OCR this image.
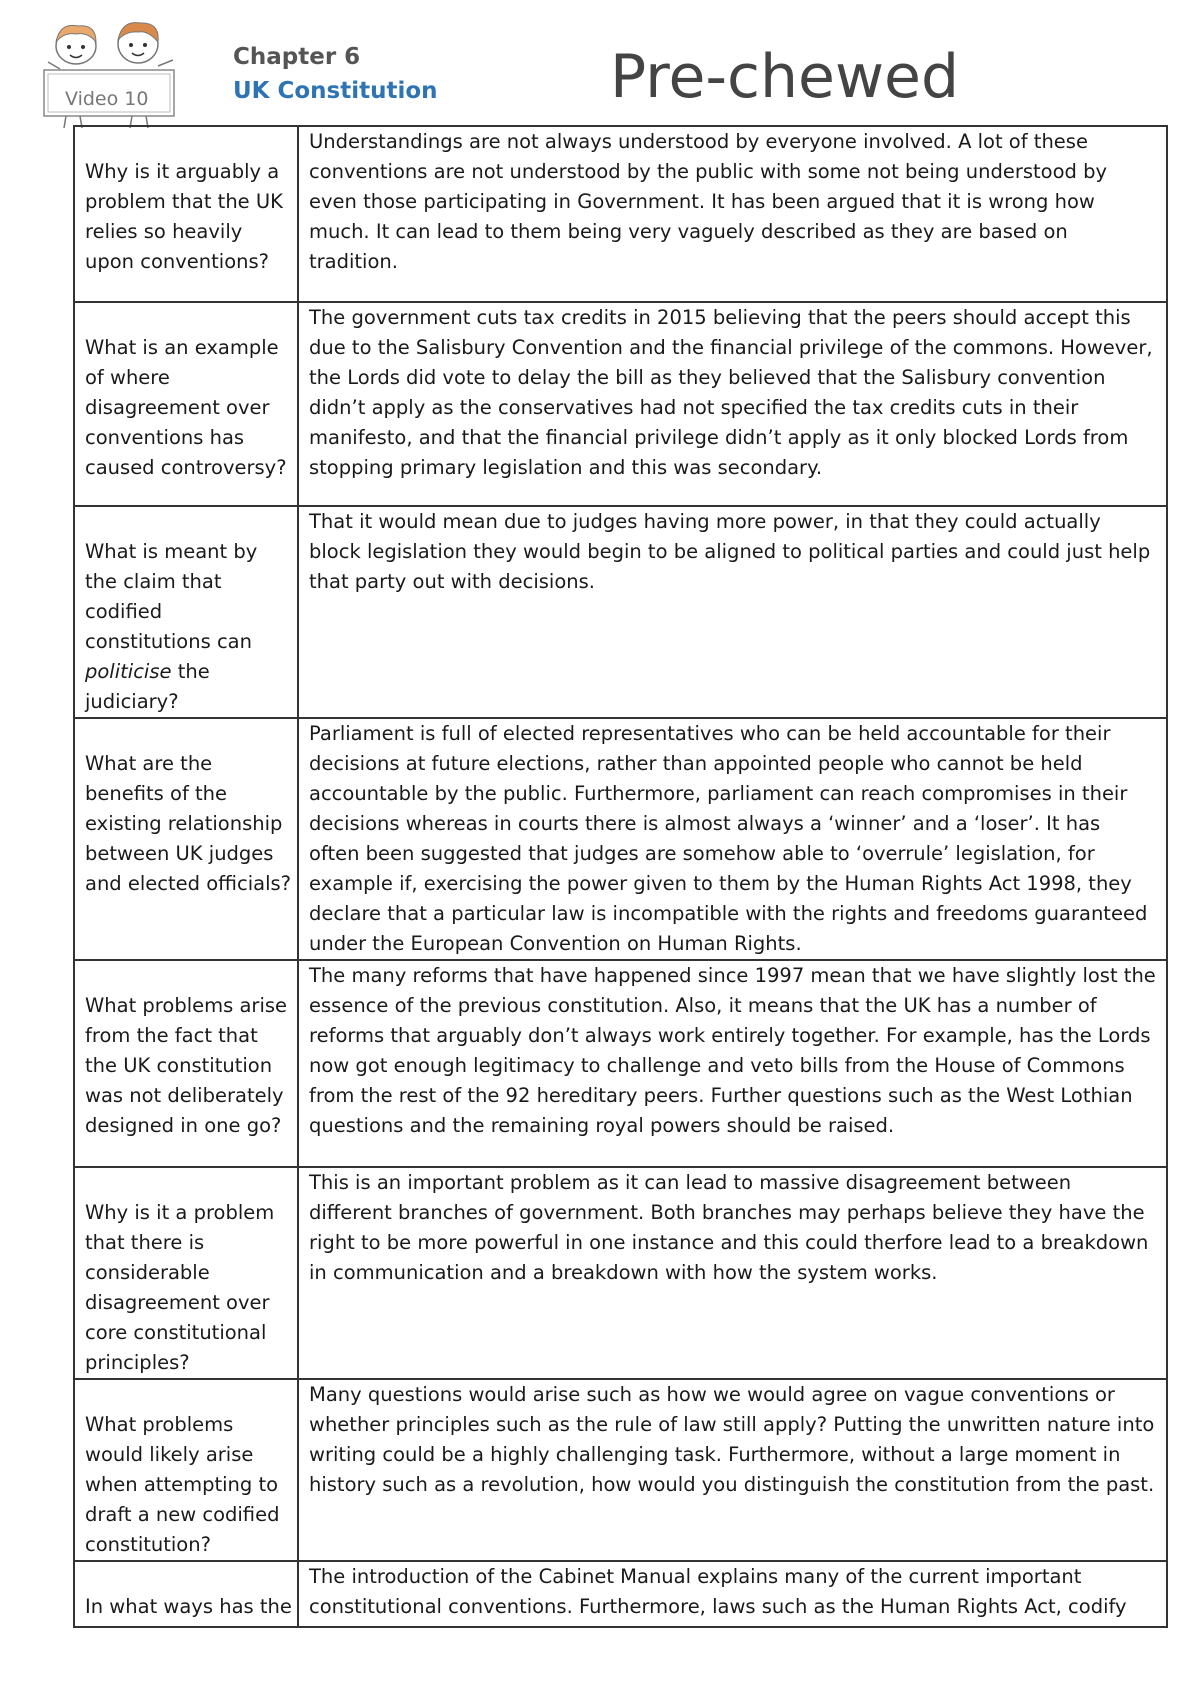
Video 10
Chapter 6
UK Constitution	Pre-chewed
Why is it arguably a problem that the UK relies so heavily upon conventions?	Understandings are not always understood by everyone involved. A lot of these conventions are not understood by the public with some not being understood by even those participating in Government. It has been argued that it is wrong how much. It can lead to them being very vaguely described as they are based on tradition.
What is an example of where disagreement over conventions has caused controversy?	The government cuts tax credits in 2015 believing that the peers should accept this due to the Salisbury Convention and the financial privilege of the commons. However, the Lords did vote to delay the bill as they believed that the Salisbury convention didn’t apply as the conservatives had not specified the tax credits cuts in their manifesto, and that the financial privilege didn’t apply as it only blocked Lords from stopping primary legislation and this was secondary.
What is meant by the claim that codified constitutions can politicise the judiciary?	That it would mean due to judges having more power, in that they could actually block legislation they would begin to be aligned to political parties and could just help that party out with decisions.
What are the benefits of the existing relationship between UK judges and elected officials?	Parliament is full of elected representatives who can be held accountable for their decisions at future elections, rather than appointed people who cannot be held accountable by the public. Furthermore, parliament can reach compromises in their decisions whereas in courts there is almost always a ‘winner’ and a ‘loser’. It has often been suggested that judges are somehow able to ‘overrule’ legislation, for example if, exercising the power given to them by the Human Rights Act 1998, they declare that a particular law is incompatible with the rights and freedoms guaranteed under the European Convention on Human Rights.
What problems arise from the fact that the UK constitution was not deliberately designed in one go?	The many reforms that have happened since 1997 mean that we have slightly lost the essence of the previous constitution. Also, it means that the UK has a number of reforms that arguably don’t always work entirely together. For example, has the Lords now got enough legitimacy to challenge and veto bills from the House of Commons from the rest of the 92 hereditary peers. Further questions such as the West Lothian questions and the remaining royal powers should be raised.
Why is it a problem that there is considerable disagreement over core constitutional principles?	This is an important problem as it can lead to massive disagreement between different branches of government. Both branches may perhaps believe they have the right to be more powerful in one instance and this could therfore lead to a breakdown in communication and a breakdown with how the system works.
What problems would likely arise when attempting to draft a new codified constitution?	Many questions would arise such as how we would agree on vague conventions or whether principles such as the rule of law still apply? Putting the unwritten nature into writing could be a highly challenging task. Furthermore, without a large moment in history such as a revolution, how would you distinguish the constitution from the past.
In what ways has the	The introduction of the Cabinet Manual explains many of the current important constitutional conventions. Furthermore, laws such as the Human Rights Act, codify
